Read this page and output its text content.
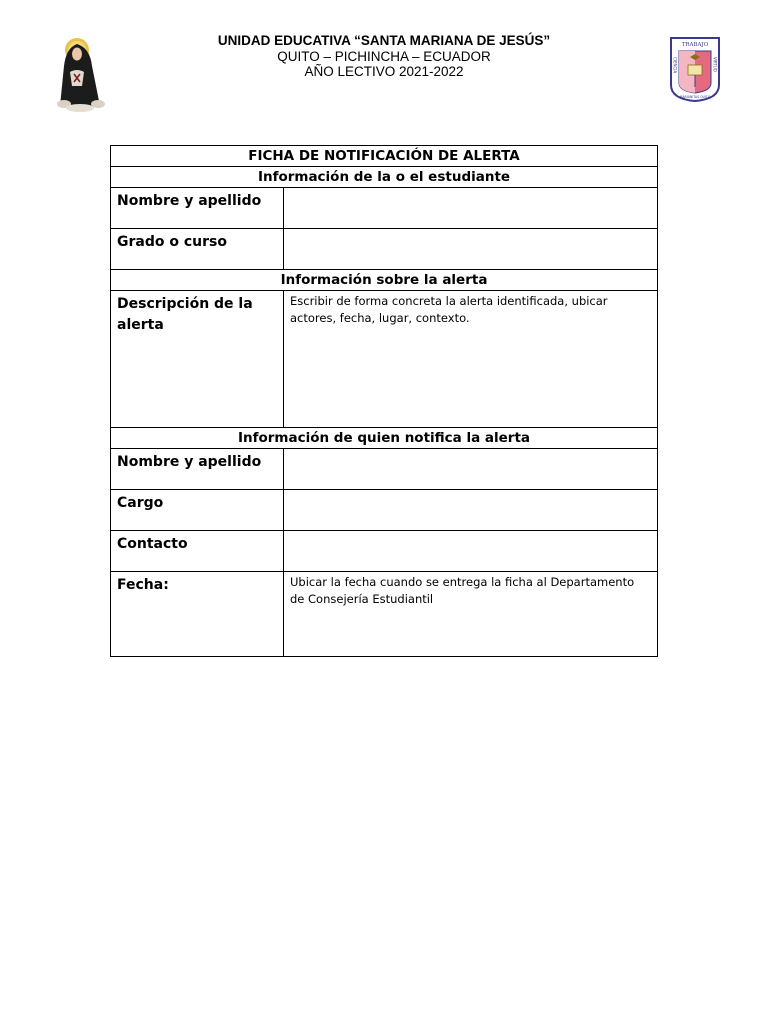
UNIDAD EDUCATIVA “SANTA MARIANA DE JESÚS”
QUITO – PICHINCHA – ECUADOR
AÑO LECTIVO 2021-2022
TRABAJO
MARIANITAS QUITO
CIENCIA	VIRTUD
FICHA DE NOTIFICACIÓN DE ALERTA	
Información de la o el estudiante	
Nombre y apellido	
Grado o curso	
Información sobre la alerta	
Descripción de la alerta	Escribir de forma concreta la alerta identificada, ubicar actores, fecha, lugar, contexto.
Información de quien notifica la alerta	
Nombre y apellido	
Cargo	
Contacto	
Fecha:	Ubicar la fecha cuando se entrega la ficha al Departamento de Consejería Estudiantil
